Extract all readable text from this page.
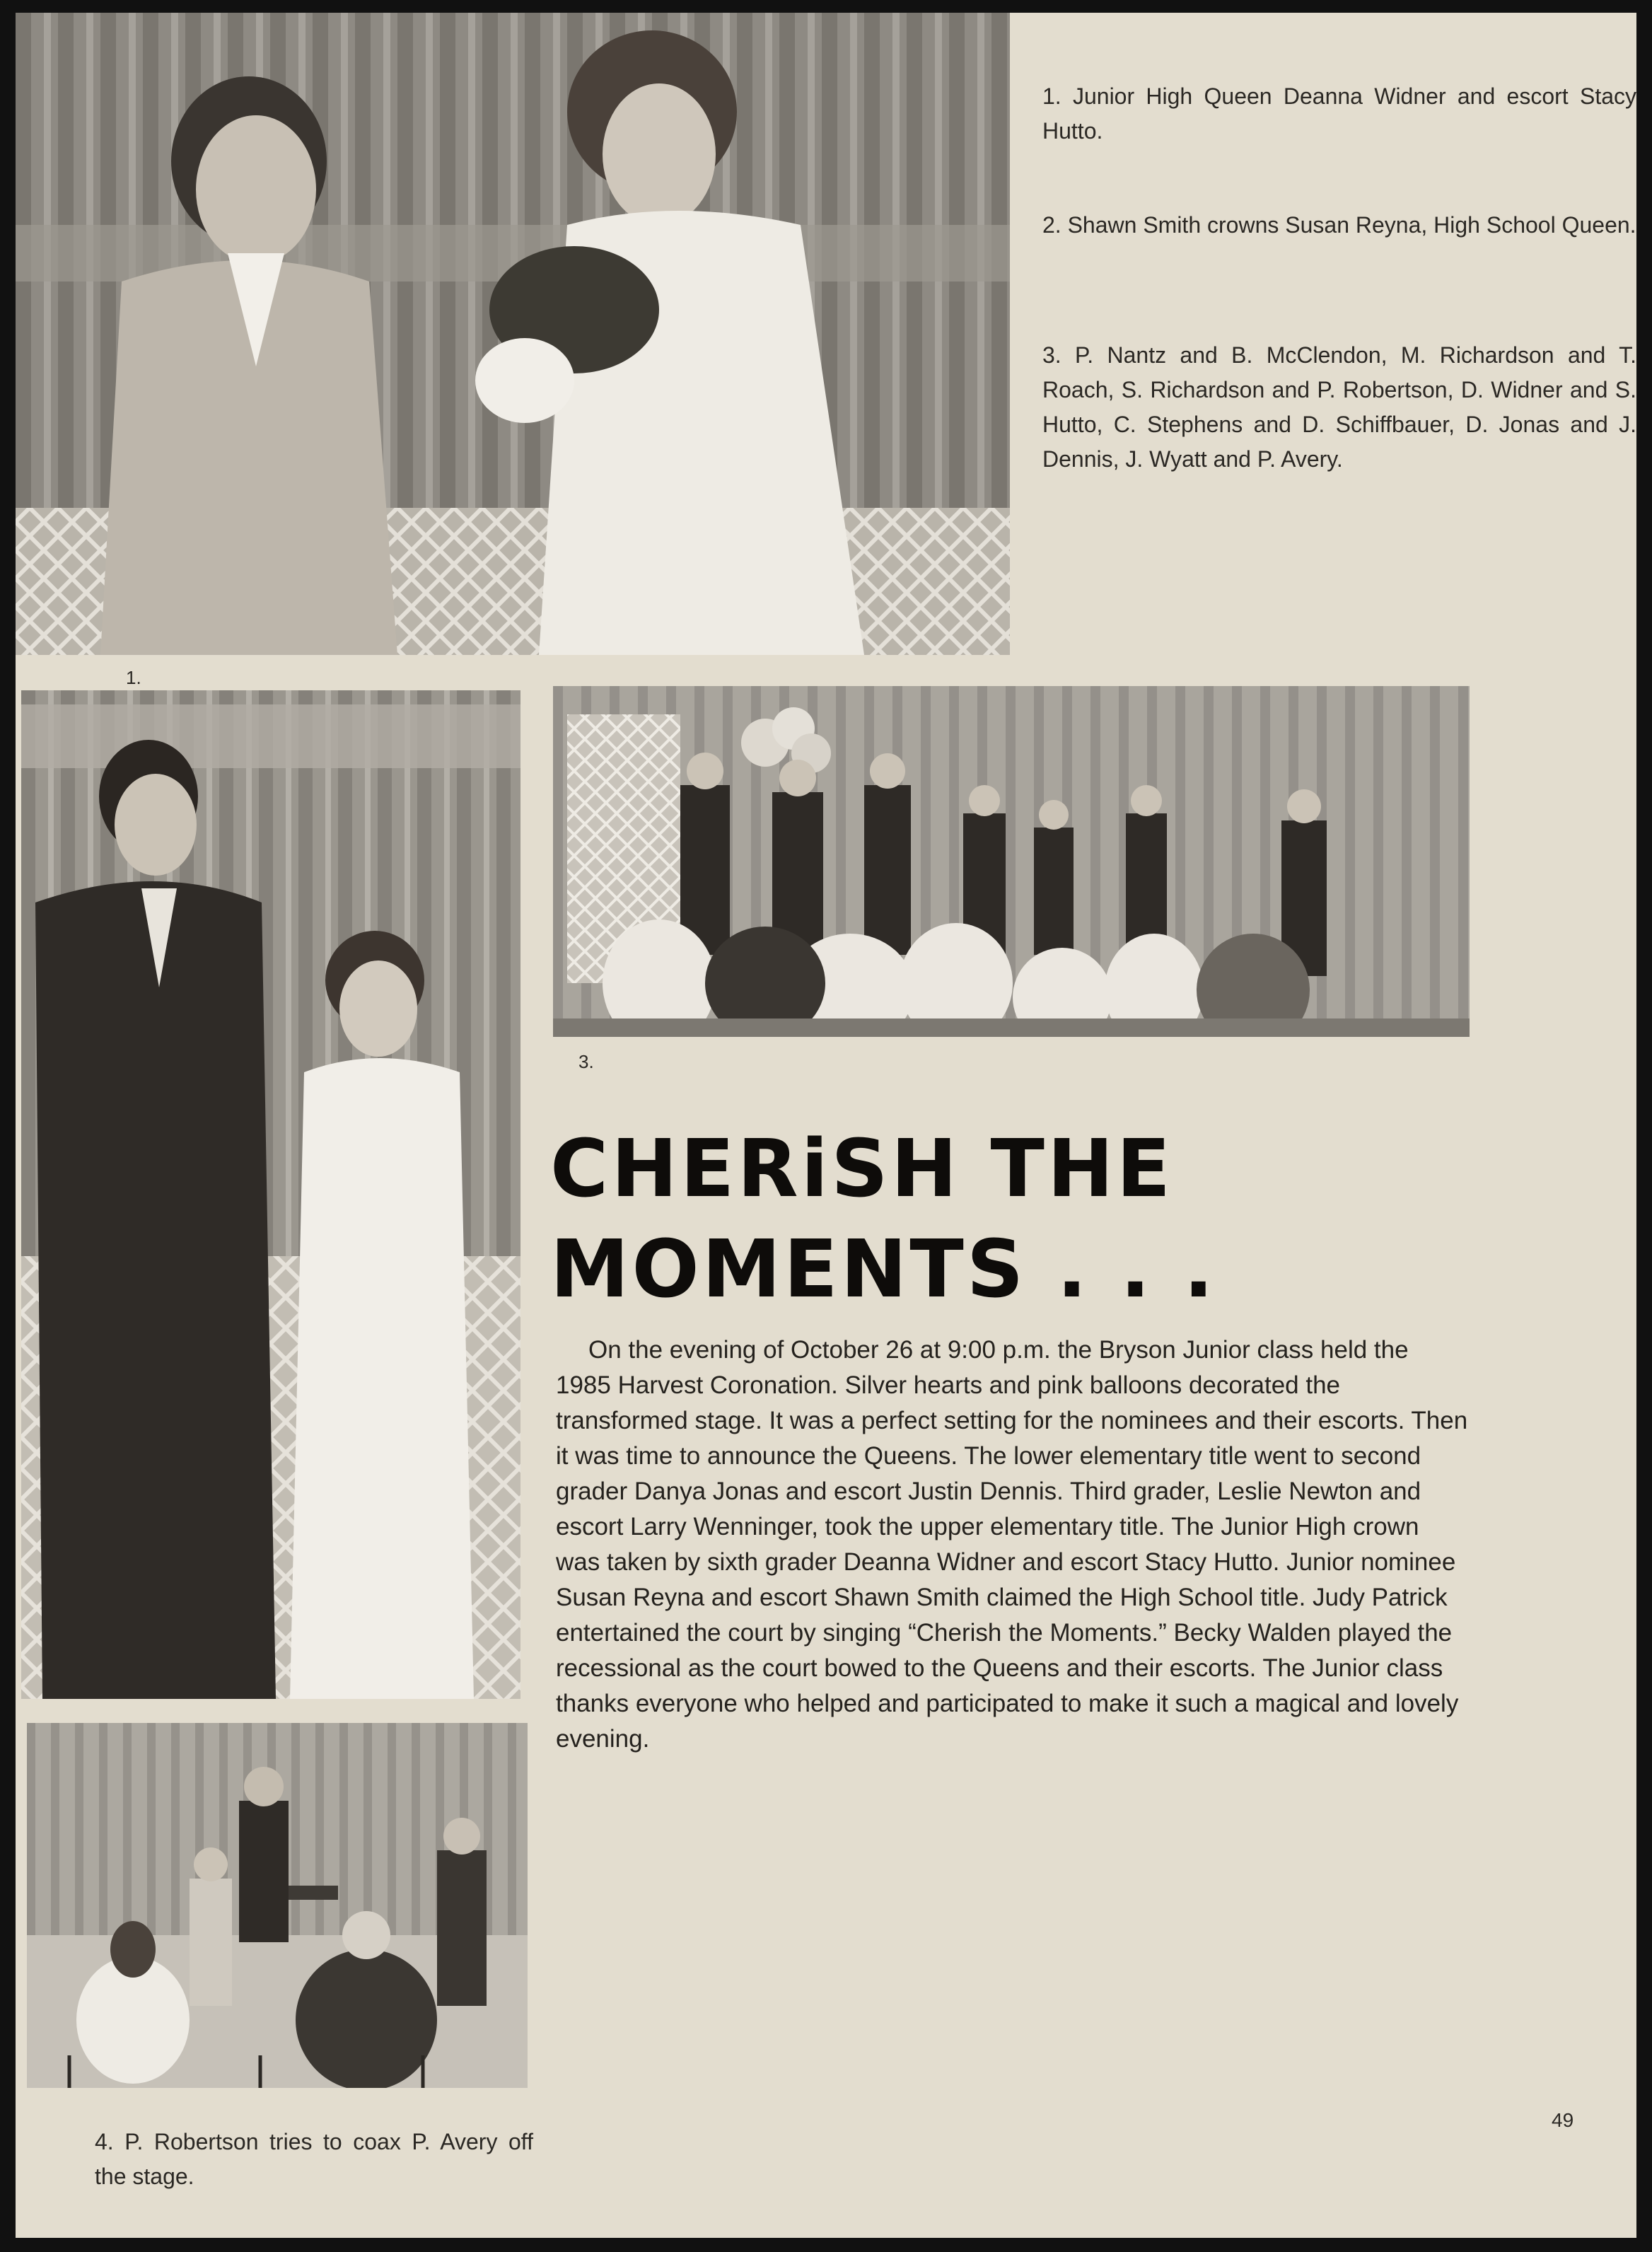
1.
1. Junior High Queen Deanna Widner and escort Stacy Hutto.
2. Shawn Smith crowns Susan Reyna, High School Queen.
3. P. Nantz and B. McClendon, M. Richardson and T. Roach, S. Richardson and P. Robertson, D. Widner and S. Hutto, C. Stephens and D. Schiffbauer, D. Jonas and J. Dennis, J. Wyatt and P. Avery.
3.
CHERiSH THE
MOMENTS . . .
On the evening of October 26 at 9:00 p.m. the Bryson Junior class held the 1985 Harvest Coronation. Silver hearts and pink balloons decorated the transformed stage. It was a perfect setting for the nominees and their escorts. Then it was time to announce the Queens. The lower elementary title went to second grader Danya Jonas and escort Justin Dennis. Third grader, Leslie Newton and escort Larry Wenninger, took the upper elementary title. The Junior High crown was taken by sixth grader Deanna Widner and escort Stacy Hutto. Junior nominee Susan Reyna and escort Shawn Smith claimed the High School title. Judy Patrick entertained the court by singing “Cherish the Moments.” Becky Walden played the recessional as the court bowed to the Queens and their escorts. The Junior class thanks everyone who helped and participated to make it such a magical and lovely evening.
4. P. Robertson tries to coax P. Avery off the stage.
49
